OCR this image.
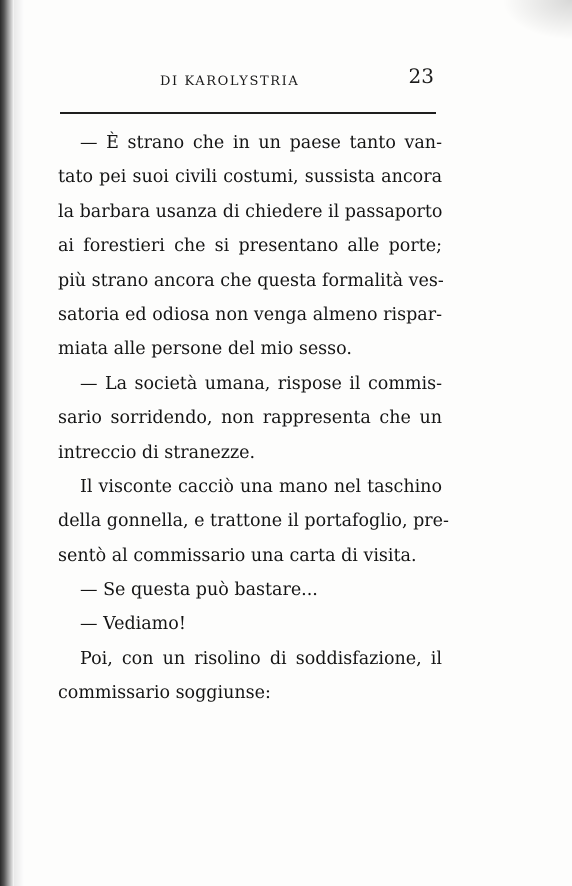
DI KAROLYSTRIA	23
— È strano che in un paese tanto van-
tato pei suoi civili costumi, sussista ancora
la barbara usanza di chiedere il passaporto
ai forestieri che si presentano alle porte;
più strano ancora che questa formalità ves-
satoria ed odiosa non venga almeno rispar-
miata alle persone del mio sesso.
— La società umana, rispose il commis-
sario sorridendo, non rappresenta che un
intreccio di stranezze.
Il visconte cacciò una mano nel taschino
della gonnella, e trattone il portafoglio, pre-
sentò al commissario una carta di visita.
— Se questa può bastare...
— Vediamo!
Poi, con un risolino di soddisfazione, il
commissario soggiunse:
